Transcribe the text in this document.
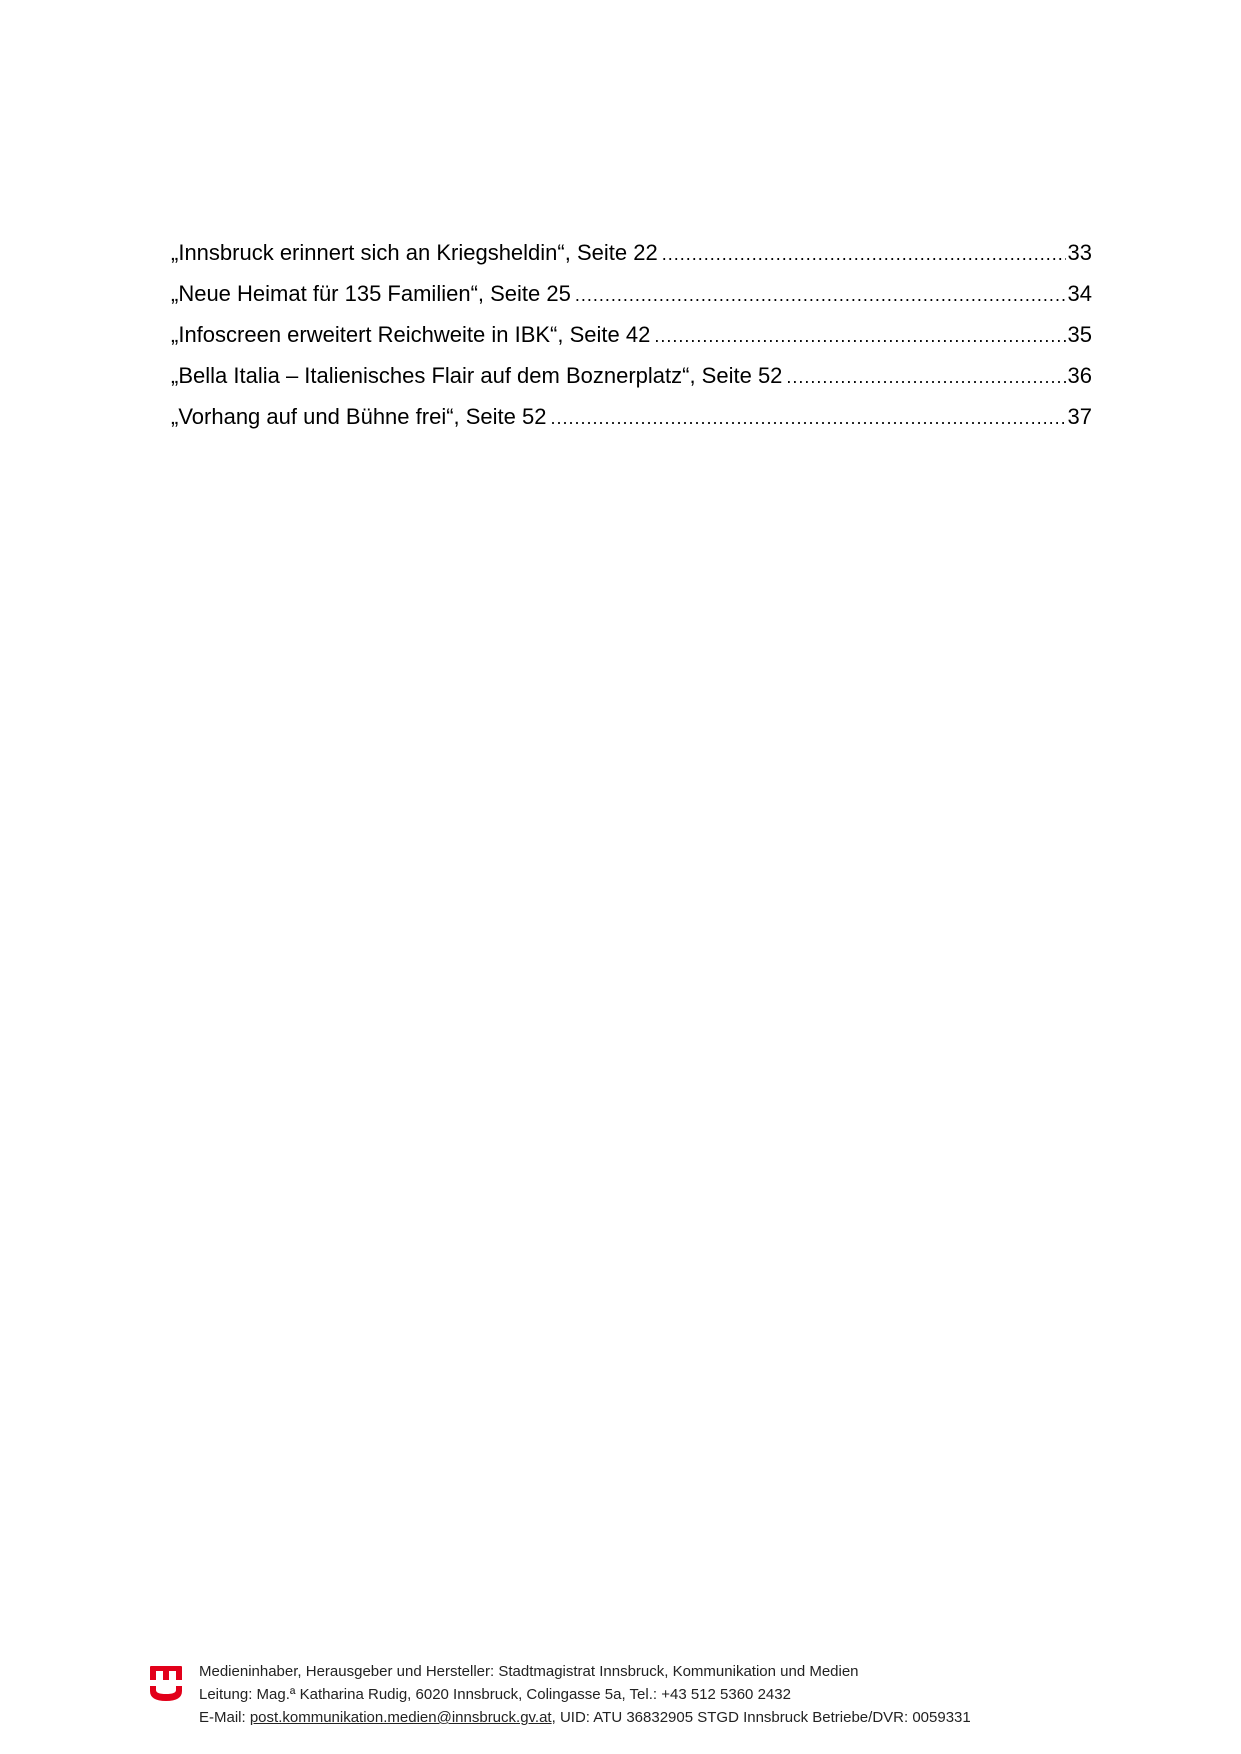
„Innsbruck erinnert sich an Kriegsheldin“, Seite 22 .....	33
„Neue Heimat für 135 Familien“, Seite 25 .....	34
„Infoscreen erweitert Reichweite in IBK“, Seite 42 .....	35
„Bella Italia – Italienisches Flair auf dem Boznerplatz“, Seite 52 .....	36
„Vorhang auf und Bühne frei“, Seite 52 .....	37
Medieninhaber, Herausgeber und Hersteller: Stadtmagistrat Innsbruck, Kommunikation und Medien
Leitung: Mag.ª Katharina Rudig, 6020 Innsbruck, Colingasse 5a, Tel.: +43 512 5360 2432
E-Mail: post.kommunikation.medien@innsbruck.gv.at, UID: ATU 36832905 STGD Innsbruck Betriebe/DVR: 0059331
